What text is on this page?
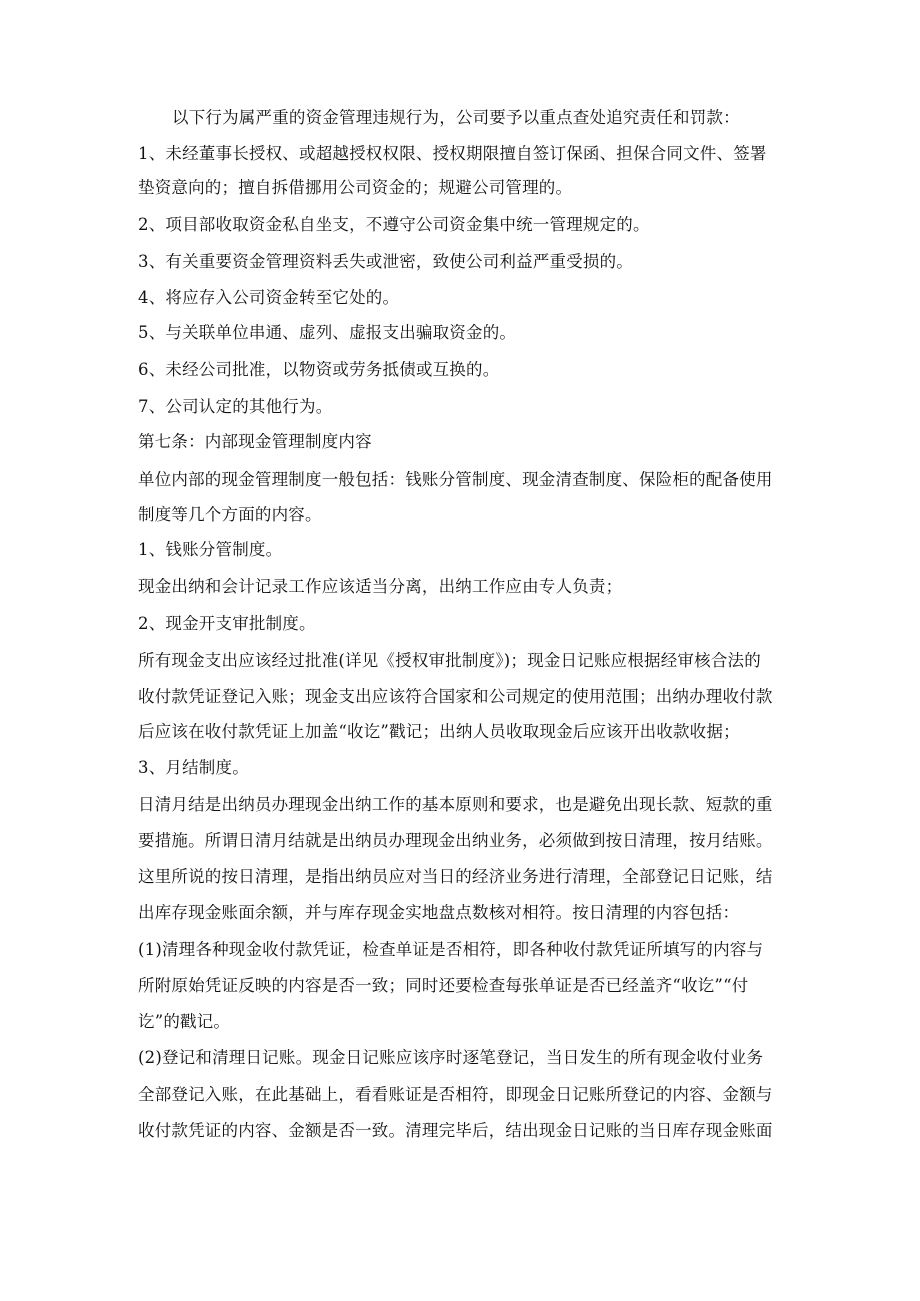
以下行为属严重的资金管理违规行为，公司要予以重点查处追究责任和罚款：
1、未经董事长授权、或超越授权权限、授权期限擅自签订保函、担保合同文件、签署
垫资意向的；擅自拆借挪用公司资金的；规避公司管理的。
2、项目部收取资金私自坐支，不遵守公司资金集中统一管理规定的。
3、有关重要资金管理资料丢失或泄密，致使公司利益严重受损的。
4、将应存入公司资金转至它处的。
5、与关联单位串通、虚列、虚报支出骗取资金的。
6、未经公司批准，以物资或劳务抵债或互换的。
7、公司认定的其他行为。
第七条：内部现金管理制度内容
单位内部的现金管理制度一般包括：钱账分管制度、现金清查制度、保险柜的配备使用
制度等几个方面的内容。
1、钱账分管制度。
现金出纳和会计记录工作应该适当分离，出纳工作应由专人负责；
2、现金开支审批制度。
所有现金支出应该经过批准(详见《授权审批制度》)；现金日记账应根据经审核合法的
收付款凭证登记入账；现金支出应该符合国家和公司规定的使用范围；出纳办理收付款
后应该在收付款凭证上加盖“收讫”戳记；出纳人员收取现金后应该开出收款收据；
3、月结制度。
日清月结是出纳员办理现金出纳工作的基本原则和要求，也是避免出现长款、短款的重
要措施。所谓日清月结就是出纳员办理现金出纳业务，必须做到按日清理，按月结账。
这里所说的按日清理，是指出纳员应对当日的经济业务进行清理，全部登记日记账，结
出库存现金账面余额，并与库存现金实地盘点数核对相符。按日清理的内容包括：
(1)清理各种现金收付款凭证，检查单证是否相符，即各种收付款凭证所填写的内容与
所附原始凭证反映的内容是否一致；同时还要检查每张单证是否已经盖齐“收讫”“付
讫”的戳记。
(2)登记和清理日记账。现金日记账应该序时逐笔登记，当日发生的所有现金收付业务
全部登记入账，在此基础上，看看账证是否相符，即现金日记账所登记的内容、金额与
收付款凭证的内容、金额是否一致。清理完毕后，结出现金日记账的当日库存现金账面
